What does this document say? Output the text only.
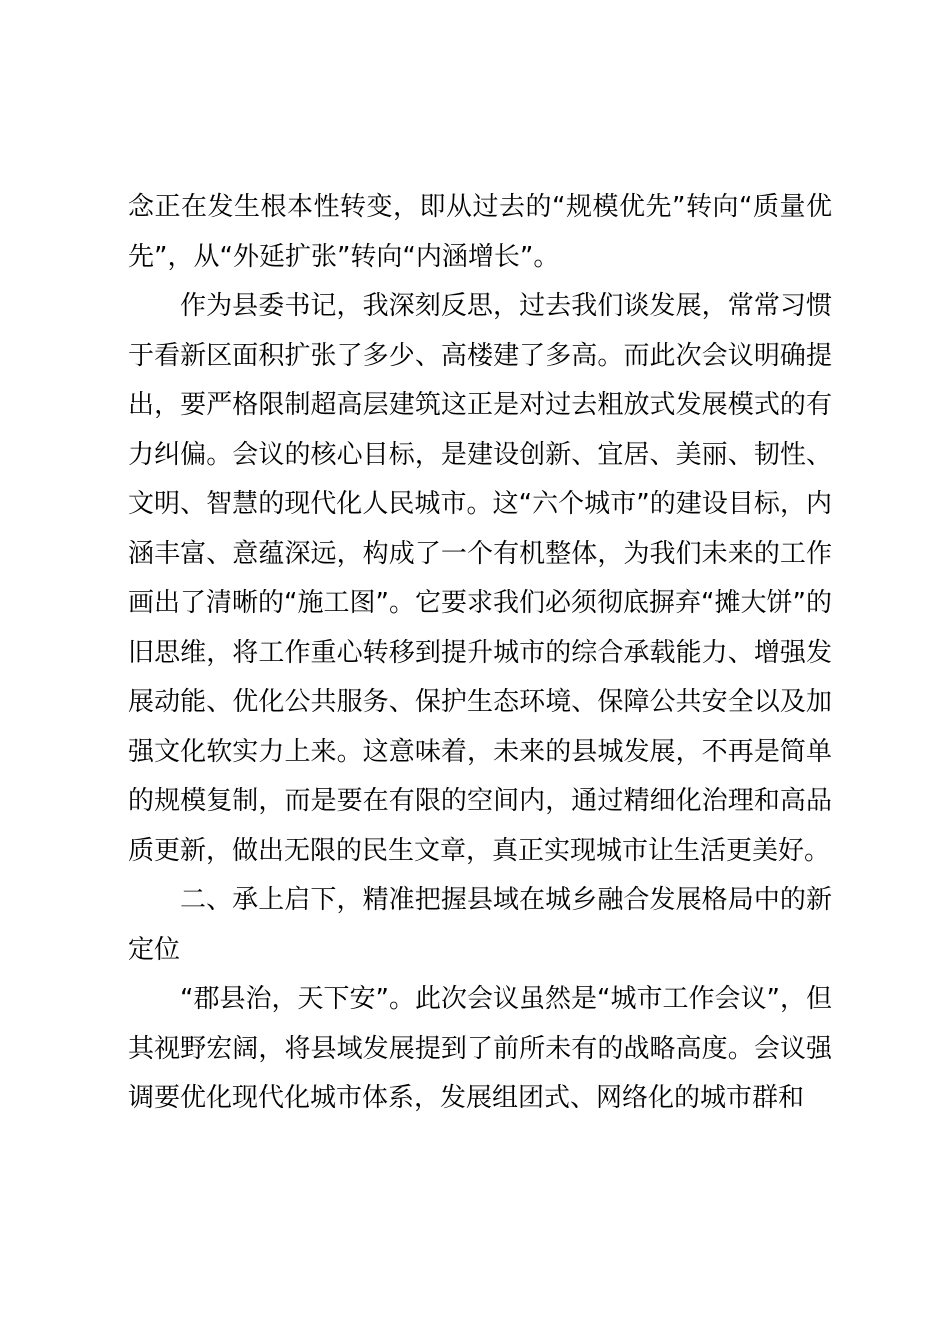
念正在发生根本性转变，即从过去的“规模优先”转向“质量优先”，从“外延扩张”转向“内涵增长”。

作为县委书记，我深刻反思，过去我们谈发展，常常习惯于看新区面积扩张了多少、高楼建了多高。而此次会议明确提出，要严格限制超高层建筑这正是对过去粗放式发展模式的有力纠偏。会议的核心目标，是建设创新、宜居、美丽、韧性、文明、智慧的现代化人民城市。这“六个城市”的建设目标，内涵丰富、意蕴深远，构成了一个有机整体，为我们未来的工作画出了清晰的“施工图”。它要求我们必须彻底摒弃“摊大饼”的旧思维，将工作重心转移到提升城市的综合承载能力、增强发展动能、优化公共服务、保护生态环境、保障公共安全以及加强文化软实力上来。这意味着，未来的县城发展，不再是简单的规模复制，而是要在有限的空间内，通过精细化治理和高品质更新，做出无限的民生文章，真正实现城市让生活更美好。

二、承上启下，精准把握县域在城乡融合发展格局中的新定位

“郡县治，天下安”。此次会议虽然是“城市工作会议”，但其视野宏阔，将县域发展提到了前所未有的战略高度。会议强调要优化现代化城市体系，发展组团式、网络化的城市群和
